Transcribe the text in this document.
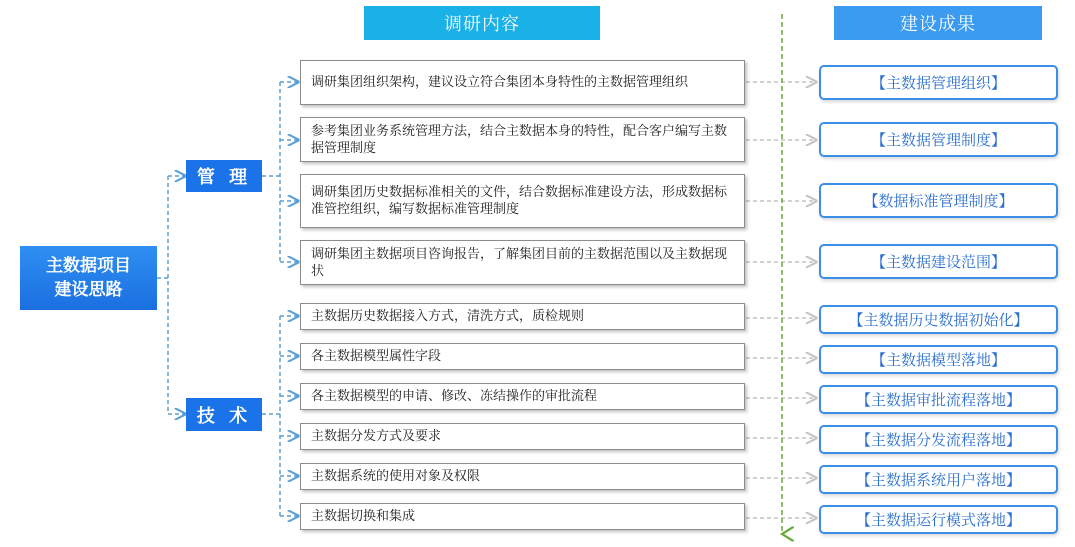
调研内容	建设成果
主数据项目
建设思路
管 理
技 术
调研集团组织架构，建议设立符合集团本身特性的主数据管理组织
参考集团业务系统管理方法，结合主数据本身的特性，配合客户编写主数据管理制度
调研集团历史数据标准相关的文件，结合数据标准建设方法，形成数据标准管控组织，编写数据标准管理制度
调研集团主数据项目咨询报告，了解集团目前的主数据范围以及主数据现状
主数据历史数据接入方式，清洗方式，质检规则
各主数据模型属性字段
各主数据模型的申请、修改、冻结操作的审批流程
主数据分发方式及要求
主数据系统的使用对象及权限
主数据切换和集成
【主数据管理组织】
【主数据管理制度】
【数据标准管理制度】
【主数据建设范围】
【主数据历史数据初始化】
【主数据模型落地】
【主数据审批流程落地】
【主数据分发流程落地】
【主数据系统用户落地】
【主数据运行模式落地】
